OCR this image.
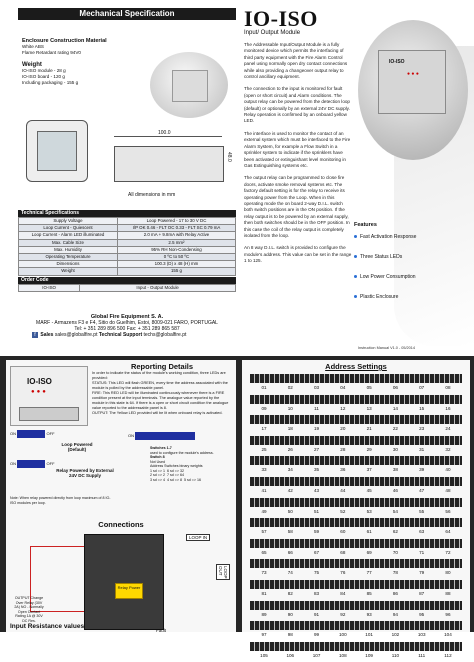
Mechanical Specification
Enclosure Construction Material
White ABS
Flame Retardant rating 94V0
Weight
IO-ISO module - 28 g
IO-ISO board - 120 g
Including packaging - 155 g
100.0
48.0
All dimensions in mm
Technical Specifications
Supply Voltage	Loop Powered - 17 to 30 V DC
Loop Current - Quiescent	I/P OK 0.46 - FLT OC 0.33 - FLT SC 0.79 mA
Loop Current - Alarm LED illuminated	2.0 mA + 9.8mA with Relay Active
Max. Cable Size	2.5 mm²
Max. Humidity	95% RH Non-Condensing
Operating Temperature	0 ºC to 50 ºC
Dimensions	100.3 (D) x 48 (H) mm
Weight	155 g
Order Code
IO-ISO	Input - Output Module
Global Fire Equipment S. A.
MARF - Armazens F3 e F4, Sitio do Guelhim, Estoi, 8009-021 FARO, PORTUGAL
Tel: + 351 289 896 500 Fax: + 351 289 865 587
f Sales sales@globalfire.pt Technical Support techs@globalfire.pt
IO-ISO
Input/ Output Module
IO-ISO
● ● ●
The Addressable Input/Output Module is a fully monitored device which permits the interfacing of third party equipment with the Fire Alarm Control panel using normally open dry contact connections while also providing a changeover output relay to control ancillary equipment.
The connection to the input is monitored for fault (open or short circuit) and Alarm conditions. The output relay can be powered from the detection loop (default) or optionally by an external 24V DC supply. Relay operation is confirmed by an onboard yellow LED.
The interface is used to monitor the contact of an external system which must be interfaced to the Fire Alarm System, for example a Flow Switch in a sprinkler system to indicate if the sprinklers have been activated or extinguishant level monitoring in Gas Extinguishing systems etc.
The output relay can be programmed to close fire doors, activate smoke removal systems etc. The factory default setting is for the relay to receive its operating power from the Loop. When in this operating mode the on board 2-way D.I.L. switch both switch positions are in the ON position. If the relay output is to be powered by an external supply, then both switches should be in the OFF position. In this case the coil of the relay output is completely isolated from the loop.
An 8 way D.I.L. switch is provided to configure the module's address. This value can be set in the range 1 to 125.
Features
Fast Activation Response
Three Status LEDs
Low Power Consumption
Plastic Enclosure
Instruction Manual V1.0 - 05/2014
IO-ISO
●●●
Reporting Details
In order to indicate the status of the module's working condition, three LEDs are provided:
STATUS: This LED will flash GREEN, every time the address associated with the module is polled by the addressable panel.
FIRE: This RED LED will be illuminated continuously whenever there is a FIRE condition present at the input terminals. The analogue value reported by the module in this state is 64. If there is a open or short circuit condition the analogue value reported to the addressable panel is 8.
OUTPUT: The Yellow LED provided will be lit when onboard relay is activated.
ON	OFF
Loop Powered (Default)
ON	OFF
Relay Powered by External 24V DC Supply
Note: When relay powered directly from loop maximum of 8 IO-ISO modules per loop.
ON
Switches 1-7
used to configure the module's address.
Switch 8
Not Used
Address Switches binary weights
1 sd => 1 6 sd => 32
2 sd => 2 7 sd => 64
3 sd => 4 4 sd => 8 5 sd => 16
Connections
Relay Power
LOOP IN
LOOP OUT
OUTPUT Change Over Relay (30V 2A) NO - Normally Open Contact Rating 1A @ 30V DC Res.
Fault
Input Resistance values
Address Settings
01	02	03	04	05	06	07	08
09	10	11	12	13	14	15	16
17	18	19	20	21	22	23	24
25	26	27	28	29	30	31	32
33	34	35	36	37	38	39	40
41	42	43	44	45	46	47	48
49	50	51	52	53	54	55	56
57	58	59	60	61	62	63	64
65	66	67	68	69	70	71	72
73	74	75	76	77	78	79	80
81	82	83	84	85	86	87	88
89	90	91	92	93	94	95	96
97	98	99	100	101	102	103	104
105	106	107	108	109	110	111	112
